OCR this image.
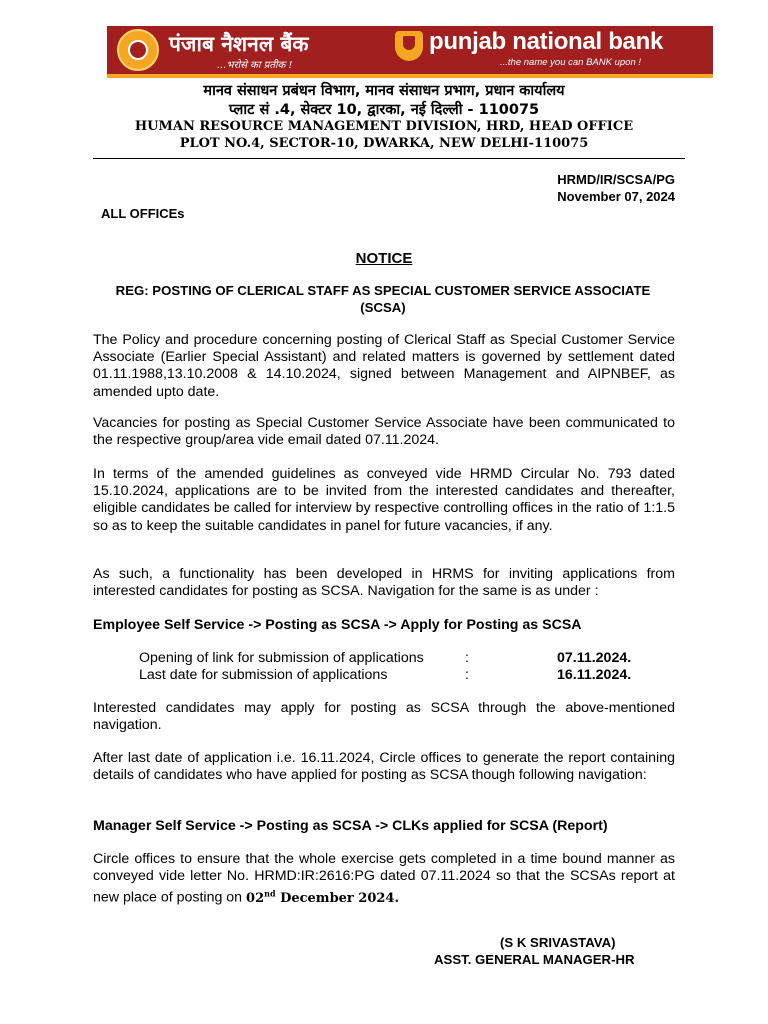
पंजाब नैशनल बैंक
...भरोसे का प्रतीक !
punjab national bank
...the name you can BANK upon !
मानव संसाधन प्रबंधन विभाग, मानव संसाधन प्रभाग, प्रधान कार्यालय
प्लाट सं .4, सेक्टर 10, द्वारका, नई दिल्ली - 110075
HUMAN RESOURCE MANAGEMENT DIVISION, HRD, HEAD OFFICE
PLOT NO.4, SECTOR-10, DWARKA, NEW DELHI-110075
HRMD/IR/SCSA/PG
November 07, 2024
ALL OFFICEs
NOTICE
REG: POSTING OF CLERICAL STAFF AS SPECIAL CUSTOMER SERVICE ASSOCIATE (SCSA)

The Policy and procedure concerning posting of Clerical Staff as Special Customer Service Associate (Earlier Special Assistant) and related matters is governed by settlement dated 01.11.1988,13.10.2008 & 14.10.2024, signed between Management and AIPNBEF, as amended upto date.

Vacancies for posting as Special Customer Service Associate have been communicated to the respective group/area vide email dated 07.11.2024.

In terms of the amended guidelines as conveyed vide HRMD Circular No. 793 dated 15.10.2024, applications are to be invited from the interested candidates and thereafter, eligible candidates be called for interview by respective controlling offices in the ratio of 1:1.5 so as to keep the suitable candidates in panel for future vacancies, if any.

As such, a functionality has been developed in HRMS for inviting applications from interested candidates for posting as SCSA. Navigation for the same is as under :

Employee Self Service -> Posting as SCSA -> Apply for Posting as SCSA
Opening of link for submission of applications	:	07.11.2024.
Last date for submission of applications	:	16.11.2024.

Interested candidates may apply for posting as SCSA through the above-mentioned navigation.

After last date of application i.e. 16.11.2024, Circle offices to generate the report containing details of candidates who have applied for posting as SCSA though following navigation:

Manager Self Service -> Posting as SCSA -> CLKs applied for SCSA (Report)

Circle offices to ensure that the whole exercise gets completed in a time bound manner as conveyed vide letter No. HRMD:IR:2616:PG dated 07.11.2024 so that the SCSAs report at new place of posting on 02nd December 2024.

(S K SRIVASTAVA)
ASST. GENERAL MANAGER-HR
